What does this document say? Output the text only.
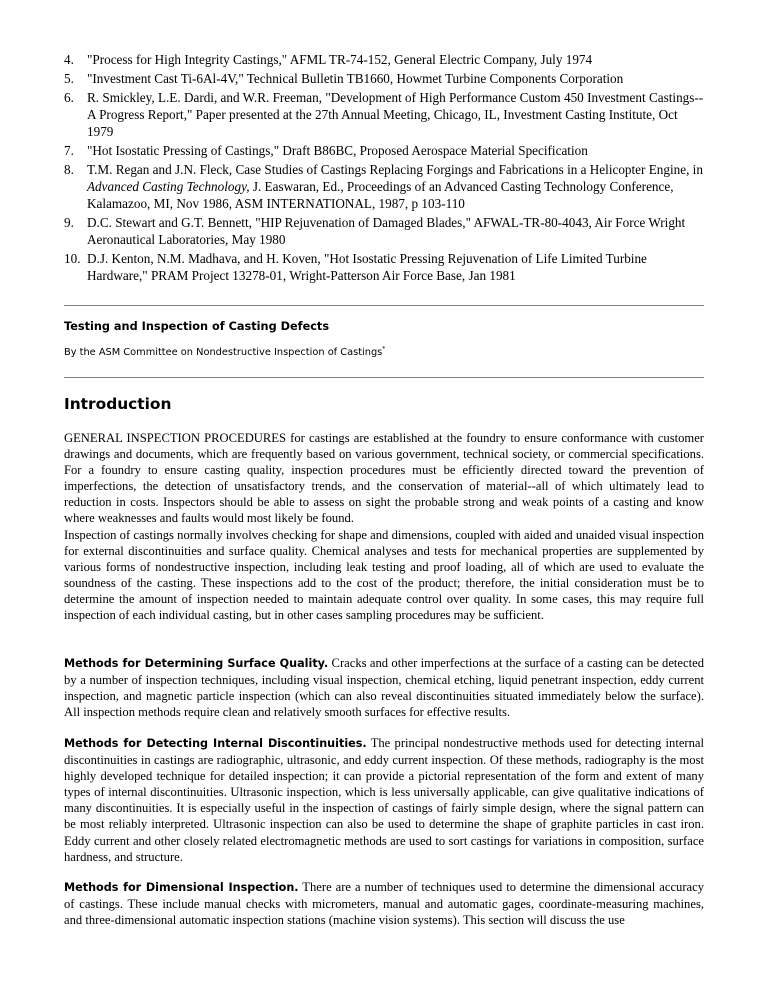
4. "Process for High Integrity Castings," AFML TR-74-152, General Electric Company, July 1974
5. "Investment Cast Ti-6Al-4V," Technical Bulletin TB1660, Howmet Turbine Components Corporation
6. R. Smickley, L.E. Dardi, and W.R. Freeman, "Development of High Performance Custom 450 Investment Castings--A Progress Report," Paper presented at the 27th Annual Meeting, Chicago, IL, Investment Casting Institute, Oct 1979
7. "Hot Isostatic Pressing of Castings," Draft B86BC, Proposed Aerospace Material Specification
8. T.M. Regan and J.N. Fleck, Case Studies of Castings Replacing Forgings and Fabrications in a Helicopter Engine, in Advanced Casting Technology, J. Easwaran, Ed., Proceedings of an Advanced Casting Technology Conference, Kalamazoo, MI, Nov 1986, ASM INTERNATIONAL, 1987, p 103-110
9. D.C. Stewart and G.T. Bennett, "HIP Rejuvenation of Damaged Blades," AFWAL-TR-80-4043, Air Force Wright Aeronautical Laboratories, May 1980
10. D.J. Kenton, N.M. Madhava, and H. Koven, "Hot Isostatic Pressing Rejuvenation of Life Limited Turbine Hardware," PRAM Project 13278-01, Wright-Patterson Air Force Base, Jan 1981
Testing and Inspection of Casting Defects
By the ASM Committee on Nondestructive Inspection of Castings*
Introduction

GENERAL INSPECTION PROCEDURES for castings are established at the foundry to ensure conformance with customer drawings and documents, which are frequently based on various government, technical society, or commercial specifications. For a foundry to ensure casting quality, inspection procedures must be efficiently directed toward the prevention of imperfections, the detection of unsatisfactory trends, and the conservation of material--all of which ultimately lead to reduction in costs. Inspectors should be able to assess on sight the probable strong and weak points of a casting and know where weaknesses and faults would most likely be found.

Inspection of castings normally involves checking for shape and dimensions, coupled with aided and unaided visual inspection for external discontinuities and surface quality. Chemical analyses and tests for mechanical properties are supplemented by various forms of nondestructive inspection, including leak testing and proof loading, all of which are used to evaluate the soundness of the casting. These inspections add to the cost of the product; therefore, the initial consideration must be to determine the amount of inspection needed to maintain adequate control over quality. In some cases, this may require full inspection of each individual casting, but in other cases sampling procedures may be sufficient.

Methods for Determining Surface Quality. Cracks and other imperfections at the surface of a casting can be detected by a number of inspection techniques, including visual inspection, chemical etching, liquid penetrant inspection, eddy current inspection, and magnetic particle inspection (which can also reveal discontinuities situated immediately below the surface). All inspection methods require clean and relatively smooth surfaces for effective results.

Methods for Detecting Internal Discontinuities. The principal nondestructive methods used for detecting internal discontinuities in castings are radiographic, ultrasonic, and eddy current inspection. Of these methods, radiography is the most highly developed technique for detailed inspection; it can provide a pictorial representation of the form and extent of many types of internal discontinuities. Ultrasonic inspection, which is less universally applicable, can give qualitative indications of many discontinuities. It is especially useful in the inspection of castings of fairly simple design, where the signal pattern can be most reliably interpreted. Ultrasonic inspection can also be used to determine the shape of graphite particles in cast iron. Eddy current and other closely related electromagnetic methods are used to sort castings for variations in composition, surface hardness, and structure.

Methods for Dimensional Inspection. There are a number of techniques used to determine the dimensional accuracy of castings. These include manual checks with micrometers, manual and automatic gages, coordinate-measuring machines, and three-dimensional automatic inspection stations (machine vision systems). This section will discuss the use
